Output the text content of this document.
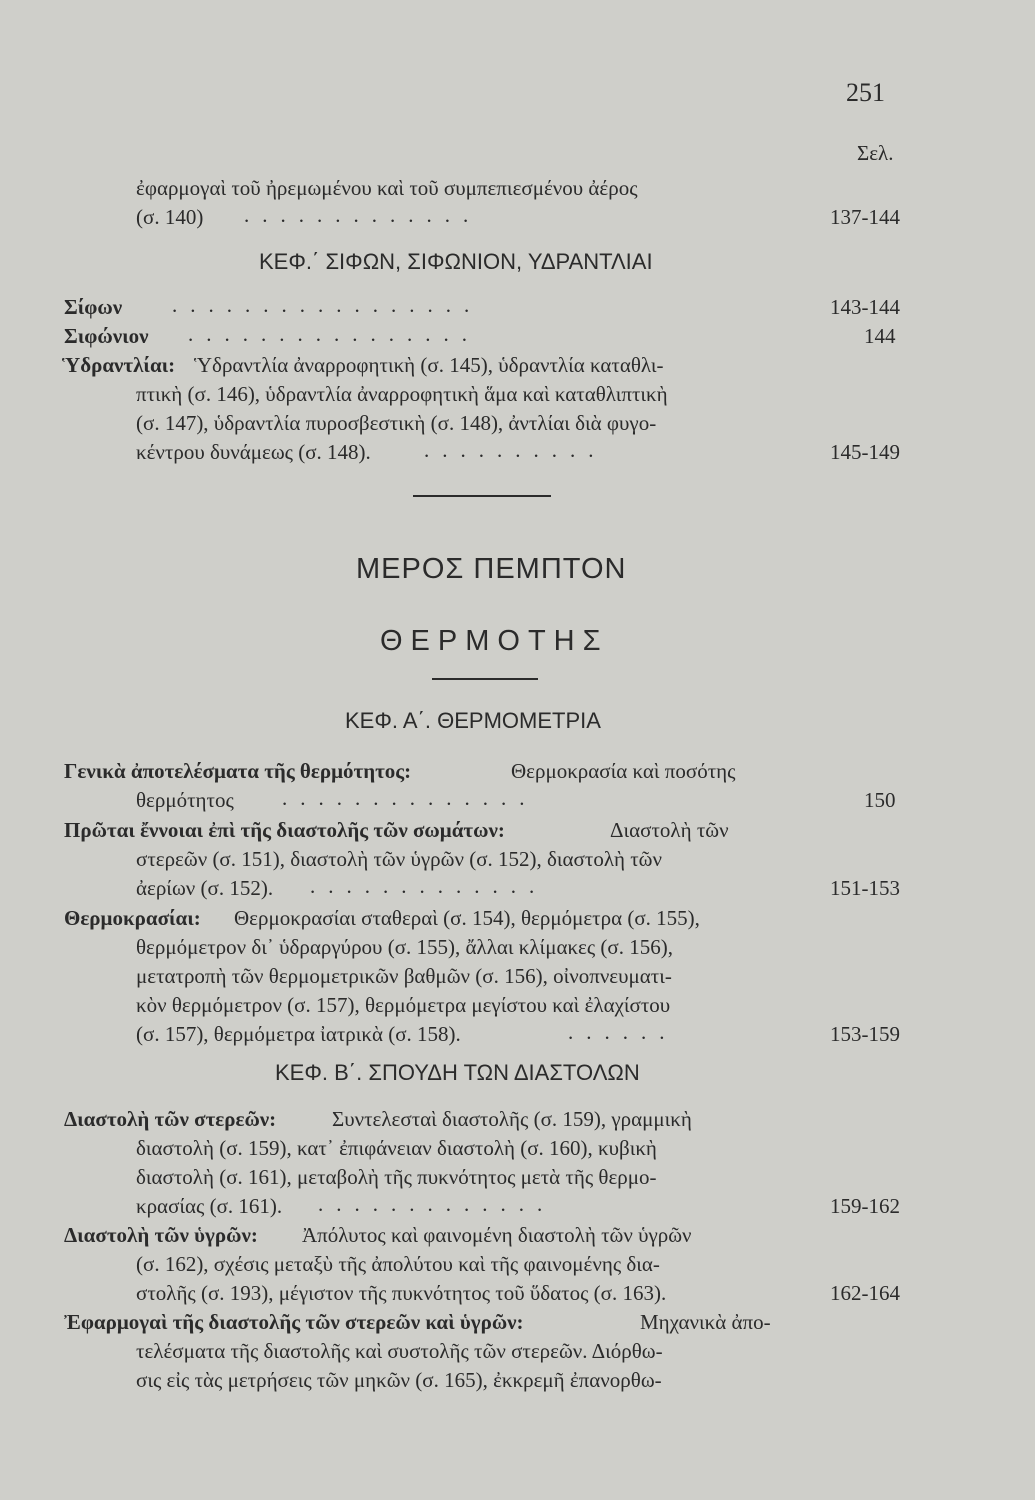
251
Σελ.
ἐφαρμογαὶ τοῦ ἠρεμωμένου καὶ τοῦ συμπεπιεσμένου ἀέρος
(σ. 140) .............	137-144
ΚΕΦ.΄ ΣΙΦΩΝ, ΣΙΦΩΝΙΟΝ, ΥΔΡΑΝΤΛΙΑΙ
Σίφων .................	143-144
Σιφώνιον ................	144
Ὑδραντλίαι: Ὑδραντλία ἀναρροφητικὴ (σ. 145), ὑδραντλία καταθλι-
πτικὴ (σ. 146), ὑδραντλία ἀναρροφητικὴ ἅμα καὶ καταθλιπτικὴ
(σ. 147), ὑδραντλία πυροσβεστικὴ (σ. 148), ἀντλίαι διὰ φυγο-
κέντρου δυνάμεως (σ. 148).	..........	145-149
ΜΕΡΟΣ ΠΕΜΠΤΟΝ
ΘΕΡΜΟΤΗΣ
ΚΕΦ. Α΄. ΘΕΡΜΟΜΕΤΡΙΑ
Γενικὰ ἀποτελέσματα τῆς θερμότητος:	Θερμοκρασία καὶ ποσότης
θερμότητος ..............	150
Πρῶται ἔννοιαι ἐπὶ τῆς διαστολῆς τῶν σωμάτων:	Διαστολὴ τῶν
στερεῶν (σ. 151), διαστολὴ τῶν ὑγρῶν (σ. 152), διαστολὴ τῶν
ἀερίων (σ. 152). .............	151-153
Θερμοκρασίαι: Θερμοκρασίαι σταθεραὶ (σ. 154), θερμόμετρα (σ. 155),
θερμόμετρον δι᾽ ὑδραργύρου (σ. 155), ἄλλαι κλίμακες (σ. 156),
μετατροπὴ τῶν θερμομετρικῶν βαθμῶν (σ. 156), οἰνοπνευματι-
κὸν θερμόμετρον (σ. 157), θερμόμετρα μεγίστου καὶ ἐλαχίστου
(σ. 157), θερμόμετρα ἰατρικὰ (σ. 158).	......	153-159
ΚΕΦ. Β΄. ΣΠΟΥΔΗ ΤΩΝ ΔΙΑΣΤΟΛΩΝ
Διαστολὴ τῶν στερεῶν:	Συντελεσταὶ διαστολῆς (σ. 159), γραμμικὴ
διαστολὴ (σ. 159), κατ᾽ ἐπιφάνειαν διαστολὴ (σ. 160), κυβικὴ
διαστολὴ (σ. 161), μεταβολὴ τῆς πυκνότητος μετὰ τῆς θερμο-
κρασίας (σ. 161). .............	159-162
Διαστολὴ τῶν ὑγρῶν: Ἀπόλυτος καὶ φαινομένη διαστολὴ τῶν ὑγρῶν
(σ. 162), σχέσις μεταξὺ τῆς ἀπολύτου καὶ τῆς φαινομένης δια-
στολῆς (σ. 193), μέγιστον τῆς πυκνότητος τοῦ ὕδατος (σ. 163).	162-164
Ἐφαρμογαὶ τῆς διαστολῆς τῶν στερεῶν καὶ ὑγρῶν:	Μηχανικὰ ἀπο-
τελέσματα τῆς διαστολῆς καὶ συστολῆς τῶν στερεῶν. Διόρθω-
σις εἰς τὰς μετρήσεις τῶν μηκῶν (σ. 165), ἐκκρεμῆ ἐπανορθω-
